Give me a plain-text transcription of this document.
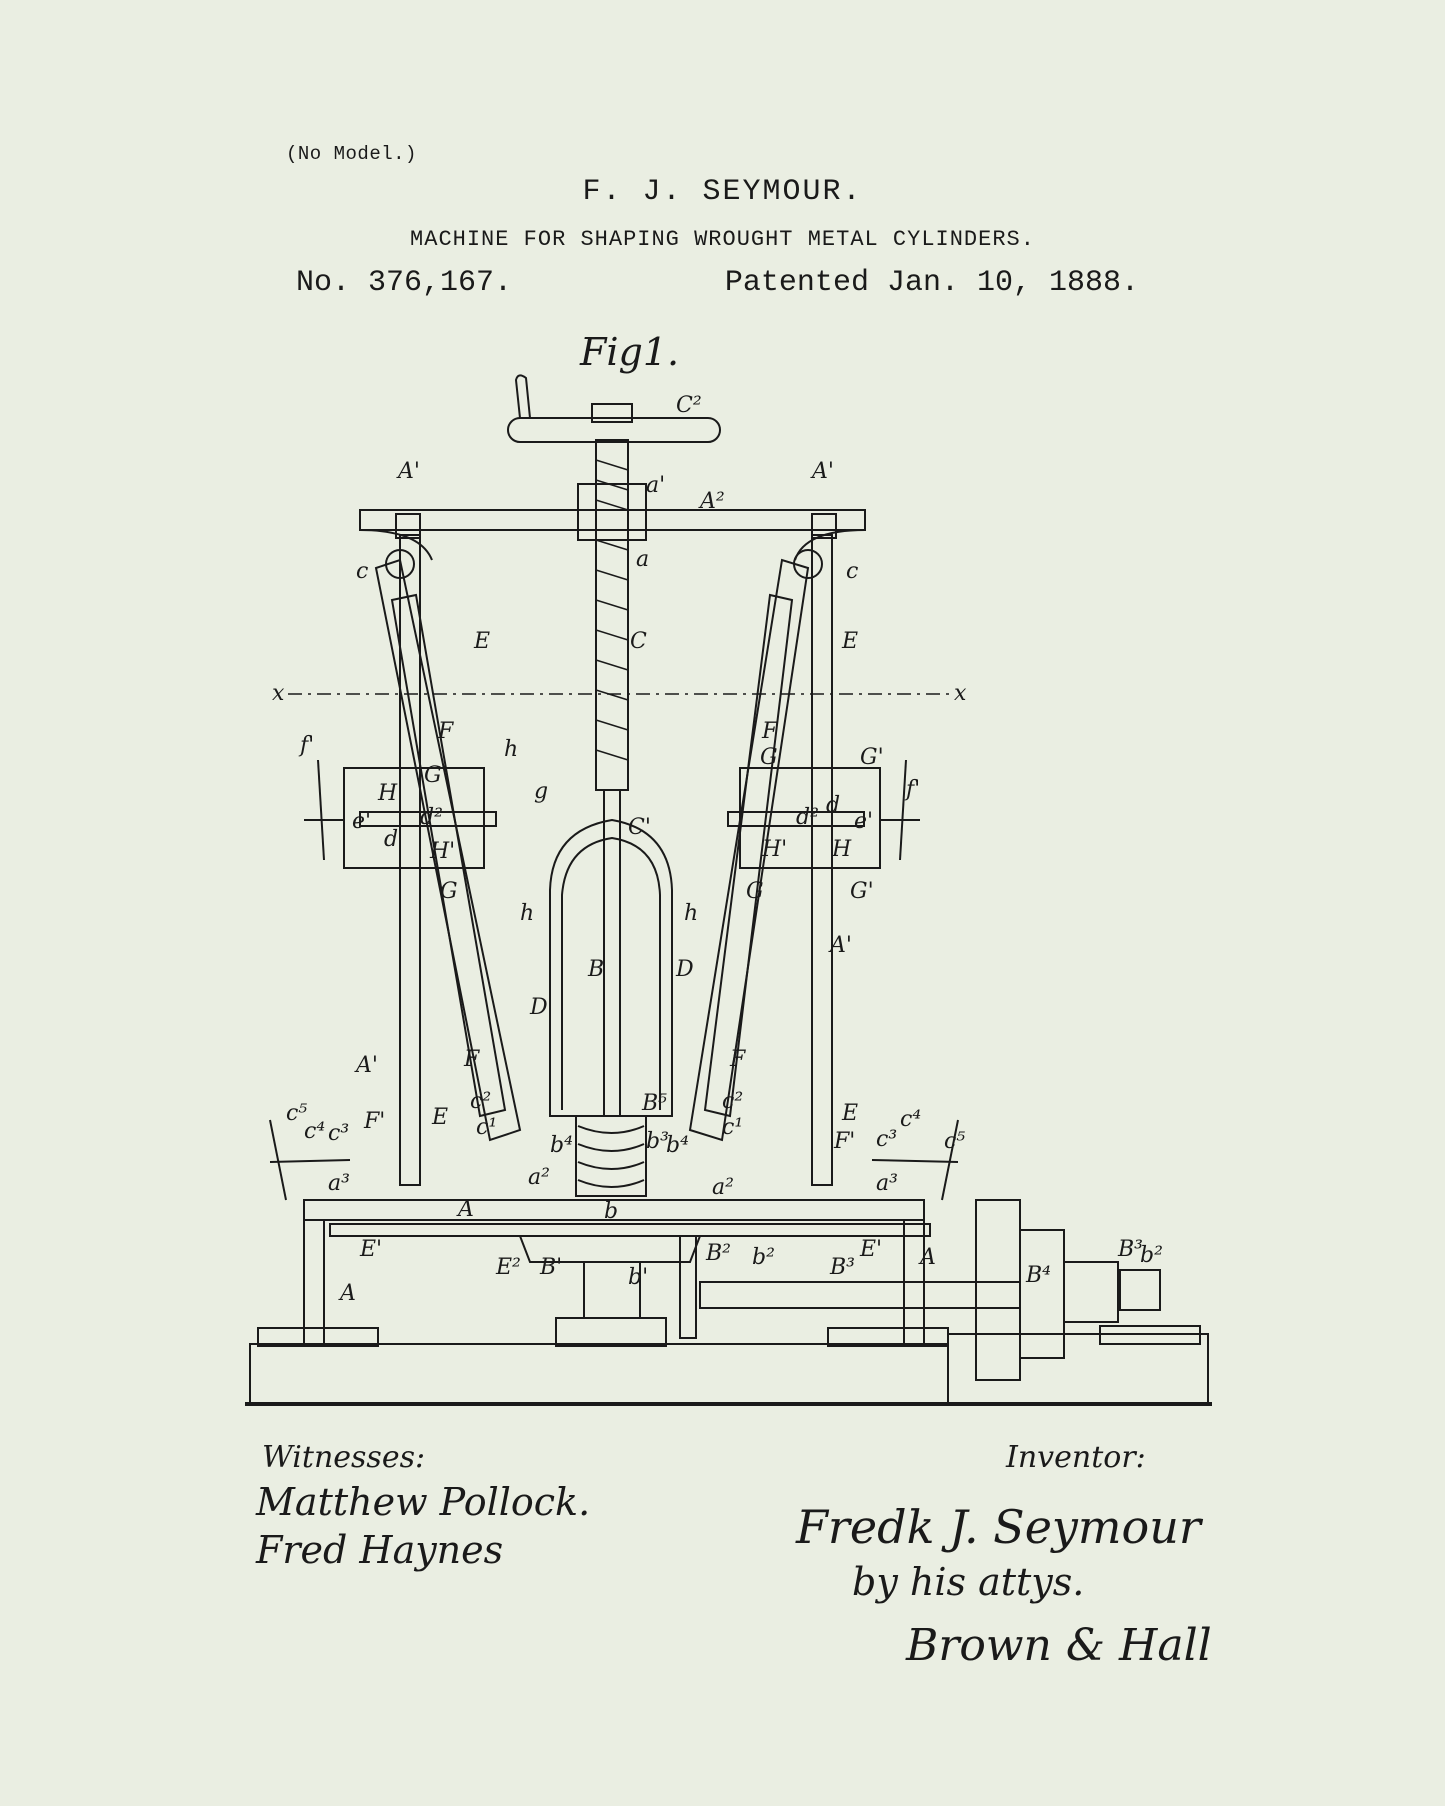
(No Model.)
F. J. SEYMOUR.
MACHINE FOR SHAPING WROUGHT METAL CYLINDERS.
No. 376,167.	Patented Jan. 10, 1888.
Fig1.
C²
A'	A'
a'
A²
a
c	c
E	E
C
x	x
F	F
f'
f'
h
g
G	G'
G'
H
H
d²	d²
d
d
e'	e'
H'	H'
C'
G	G	G'
h	h
A'
B	D
D
A'	F	F
c⁵
c⁵
c⁴	c⁴
c³	c³
F'
F'
E	E
c²	c²
c¹	c¹
B⁵
b⁴	b⁴
b³
a³	a³
a²	a²
A	b
E'	E' A
E² B'	b'
B² b²	B³	B⁴
B³
b²
A
Witnesses:
Matthew Pollock.
Fred Haynes
Inventor:
Fredk J. Seymour
by his attys.
Brown & Hall
